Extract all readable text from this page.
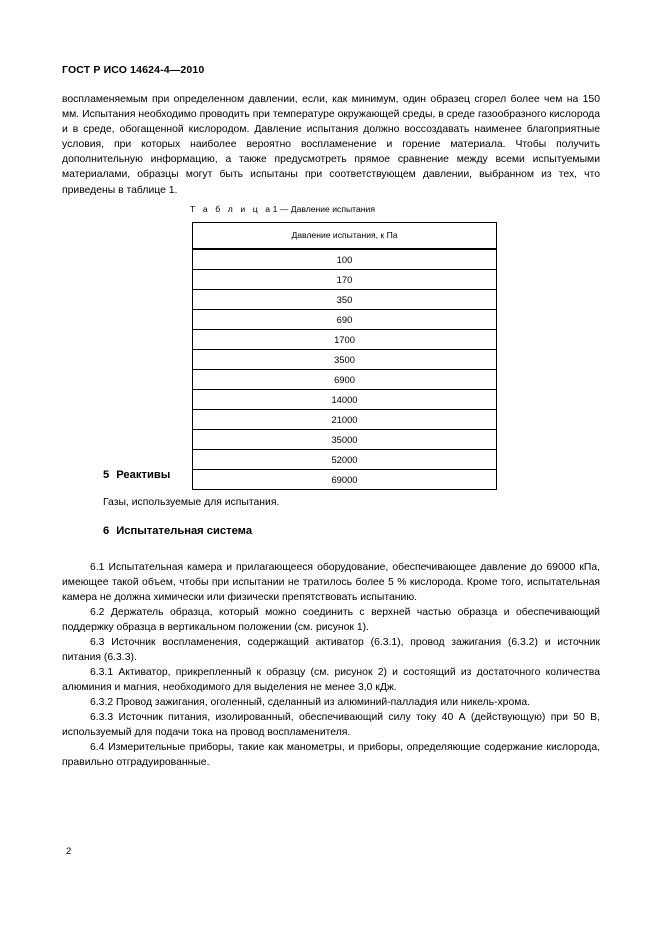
ГОСТ Р ИСО 14624-4—2010
воспламеняемым при определенном давлении, если, как минимум, один образец сгорел более чем на 150 мм. Испытания необходимо проводить при температуре окружающей среды, в среде газообразного кислорода и в среде, обогащенной кислородом. Давление испытания должно воссоздавать наименее благоприятные условия, при которых наиболее вероятно воспламенение и горение материала. Чтобы получить дополнительную информацию, а также предусмотреть прямое сравнение между всеми испытуемыми материалами, образцы могут быть испытаны при соответствующем давлении, выбранном из тех, что приведены в таблице 1.
Т а б л и ц а1 — Давление испытания
Давление испытания, к Па
100
170
350
690
1700
3500
6900
14000
21000
35000
52000
69000
5 Реактивы
Газы, используемые для испытания.
6 Испытательная система
6.1 Испытательная камера и прилагающееся оборудование, обеспечивающее давление до 69000 кПа, имеющее такой объем, чтобы при испытании не тратилось более 5 % кислорода. Кроме того, испытательная камера не должна химически или физически препятствовать испытанию.
6.2 Держатель образца, который можно соединить с верхней частью образца и обеспечивающий поддержку образца в вертикальном положении (см. рисунок 1).
6.3 Источник воспламенения, содержащий активатор (6.3.1), провод зажигания (6.3.2) и источник питания (6.3.3).
6.3.1 Активатор, прикрепленный к образцу (см. рисунок 2) и состоящий из достаточного количества алюминия и магния, необходимого для выделения не менее 3,0 кДж.
6.3.2 Провод зажигания, оголенный, сделанный из алюминий-палладия или никель-хрома.
6.3.3 Источник питания, изолированный, обеспечивающий силу току 40 А (действующую) при 50 В, используемый для подачи тока на провод воспламенителя.
6.4 Измерительные приборы, такие как манометры, и приборы, определяющие содержание кислорода, правильно отградуированные.
2
